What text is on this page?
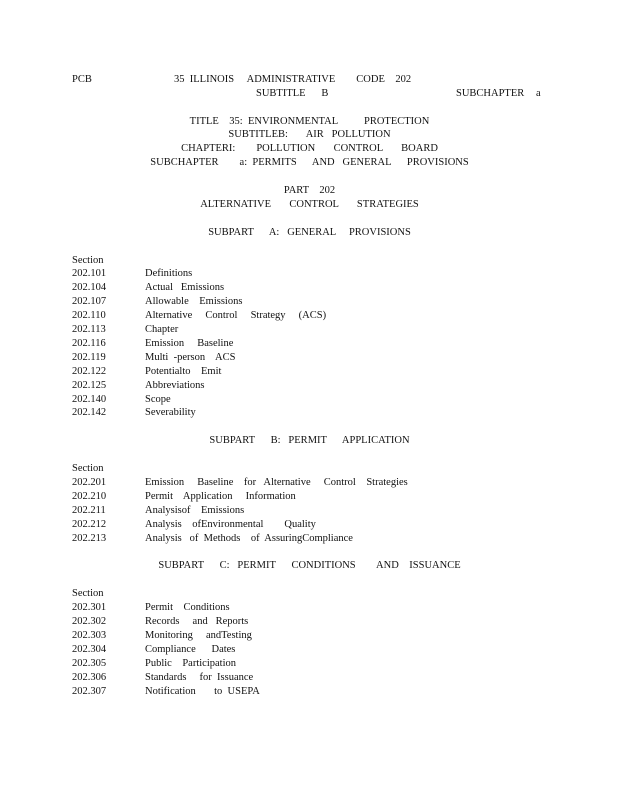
PCB	35  ILLINOIS     ADMINISTRATIVE        CODE    202
SUBTITLE      B	SUBCHAPTER a
TITLE    35:  ENVIRONMENTAL          PROTECTION
SUBTITLEB:       AIR   POLLUTION
CHAPTERI:        POLLUTION       CONTROL       BOARD
SUBCHAPTER        a:  PERMITS      AND   GENERAL      PROVISIONS
PART    202
ALTERNATIVE       CONTROL       STRATEGIES
SUBPART      A:   GENERAL     PROVISIONS
Section
202.101	Definitions
202.104	Actual   Emissions
202.107	Allowable    Emissions
202.110	Alternative     Control     Strategy     (ACS)
202.113	Chapter
202.116	Emission     Baseline
202.119	Multi  -person    ACS
202.122	Potentialto    Emit
202.125	Abbreviations
202.140	Scope
202.142	Severability
SUBPART      B:   PERMIT      APPLICATION
Section
202.201	Emission     Baseline    for   Alternative     Control    Strategies
202.210	Permit    Application     Information
202.211	Analysisof    Emissions
202.212	Analysis    ofEnvironmental        Quality
202.213	Analysis   of  Methods    of  AssuringCompliance
SUBPART      C:   PERMIT      CONDITIONS        AND    ISSUANCE
Section
202.301	Permit    Conditions
202.302	Records     and   Reports
202.303	Monitoring     andTesting
202.304	Compliance      Dates
202.305	Public    Participation
202.306	Standards     for  Issuance
202.307	Notification       to  USEPA
